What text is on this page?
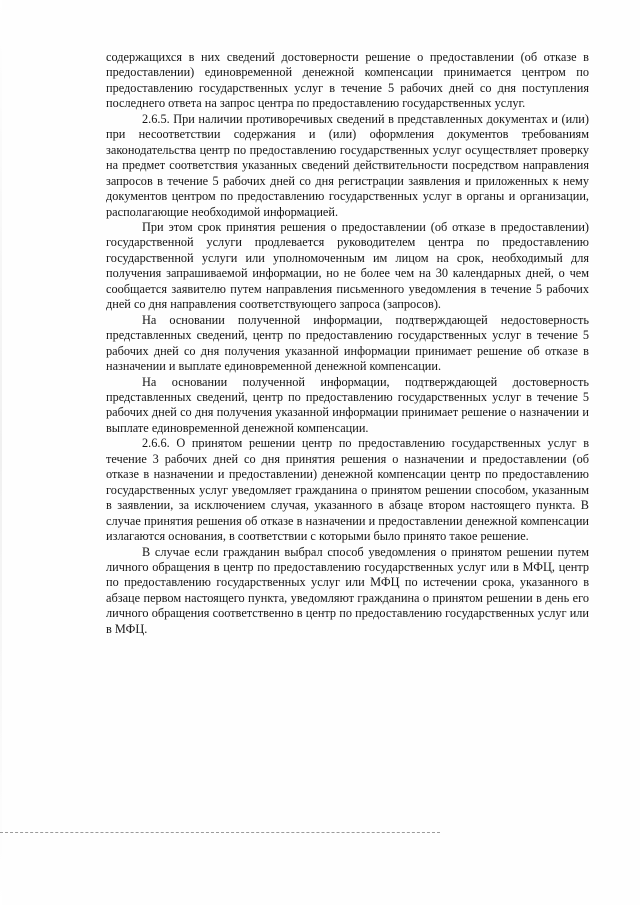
содержащихся в них сведений достоверности решение о предоставлении (об отказе в предоставлении) единовременной денежной компенсации принимается центром по предоставлению государственных услуг в течение 5 рабочих дней со дня поступления последнего ответа на запрос центра по предоставлению государственных услуг.

2.6.5. При наличии противоречивых сведений в представленных документах и (или) при несоответствии содержания и (или) оформления документов требованиям законодательства центр по предоставлению государственных услуг осуществляет проверку на предмет соответствия указанных сведений действительности посредством направления запросов в течение 5 рабочих дней со дня регистрации заявления и приложенных к нему документов центром по предоставлению государственных услуг в органы и организации, располагающие необходимой информацией.

При этом срок принятия решения о предоставлении (об отказе в предоставлении) государственной услуги продлевается руководителем центра по предоставлению государственной услуги или уполномоченным им лицом на срок, необходимый для получения запрашиваемой информации, но не более чем на 30 календарных дней, о чем сообщается заявителю путем направления письменного уведомления в течение 5 рабочих дней со дня направления соответствующего запроса (запросов).

На основании полученной информации, подтверждающей недостоверность представленных сведений, центр по предоставлению государственных услуг в течение 5 рабочих дней со дня получения указанной информации принимает решение об отказе в назначении и выплате единовременной денежной компенсации.

На основании полученной информации, подтверждающей достоверность представленных сведений, центр по предоставлению государственных услуг в течение 5 рабочих дней со дня получения указанной информации принимает решение о назначении и выплате единовременной денежной компенсации.

2.6.6. О принятом решении центр по предоставлению государственных услуг в течение 3 рабочих дней со дня принятия решения о назначении и предоставлении (об отказе в назначении и предоставлении) денежной компенсации центр по предоставлению государственных услуг уведомляет гражданина о принятом решении способом, указанным в заявлении, за исключением случая, указанного в абзаце втором настоящего пункта. В случае принятия решения об отказе в назначении и предоставлении денежной компенсации излагаются основания, в соответствии с которыми было принято такое решение.

В случае если гражданин выбрал способ уведомления о принятом решении путем личного обращения в центр по предоставлению государственных услуг или в МФЦ, центр по предоставлению государственных услуг или МФЦ по истечении срока, указанного в абзаце первом настоящего пункта, уведомляют гражданина о принятом решении в день его личного обращения соответственно в центр по предоставлению государственных услуг или в МФЦ.
